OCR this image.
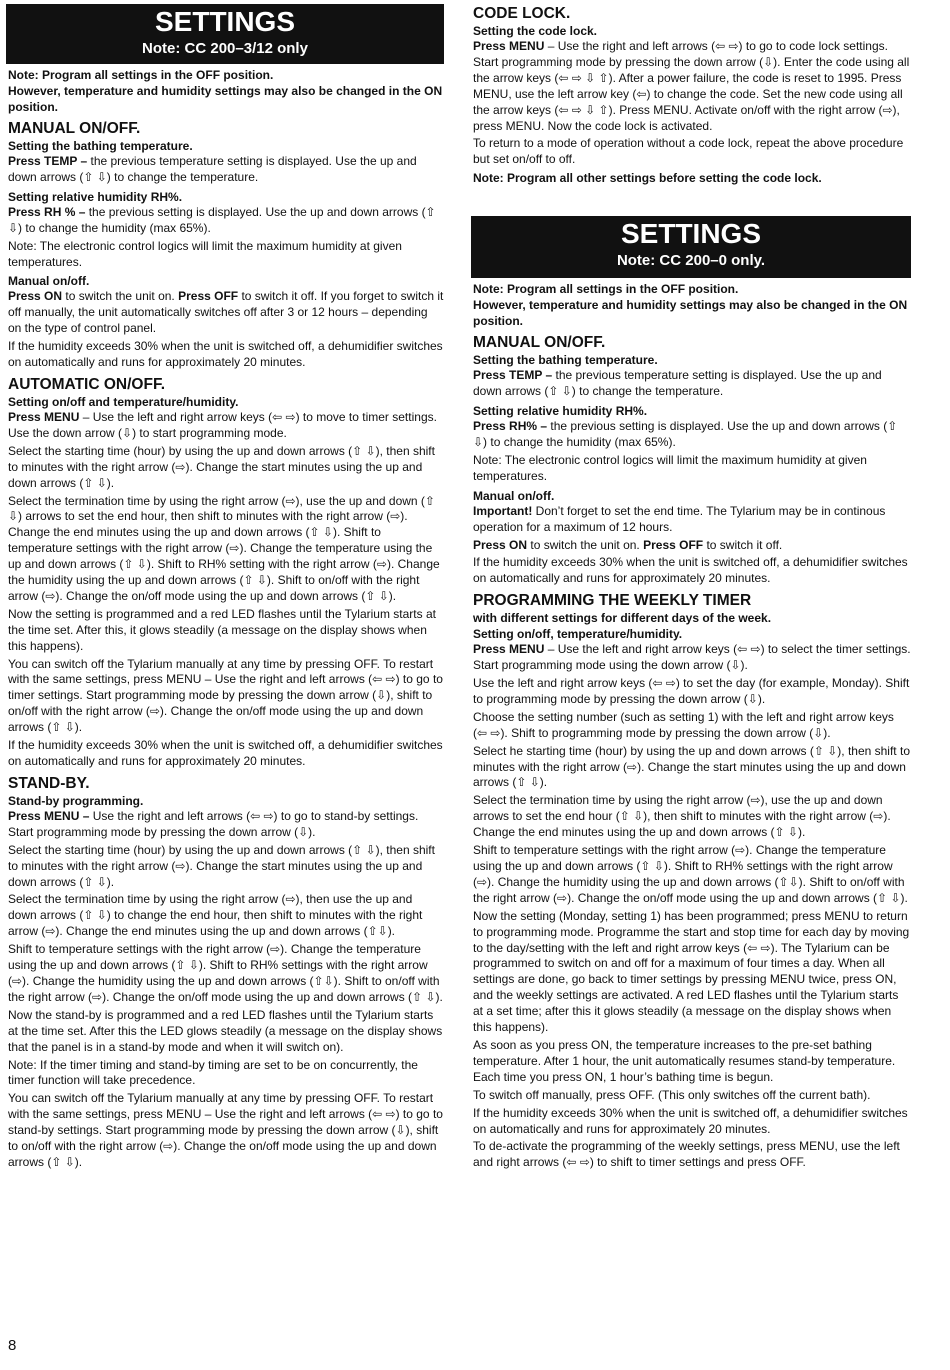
SETTINGS
Note: CC 200–3/12 only
Note: Program all settings in the OFF position.
However, temperature and humidity settings may also be changed in the ON position.
MANUAL ON/OFF.
Setting the bathing temperature.

Press TEMP – the previous temperature setting is displayed. Use the up and down arrows (⇧ ⇩) to change the temperature.

Setting relative humidity RH%.

Press RH % – the previous setting is displayed. Use the up and down arrows (⇧ ⇩) to change the humidity (max 65%).

Note: The electronic control logics will limit the maximum humidity at given temperatures.

Manual on/off.

Press ON to switch the unit on. Press OFF to switch it off. If you forget to switch it off manually, the unit automatically switches off after 3 or 12 hours – depending on the type of control panel.

If the humidity exceeds 30% when the unit is switched off, a dehumidifier switches on automatically and runs for approximately 20 minutes.

AUTOMATIC ON/OFF.
Setting on/off and temperature/humidity.

Press MENU – Use the left and right arrow keys (⇦ ⇨) to move to timer settings. Use the down arrow (⇩) to start programming mode.

Select the starting time (hour) by using the up and down arrows (⇧ ⇩), then shift to minutes with the right arrow (⇨). Change the start minutes using the up and down arrows (⇧ ⇩).

Select the termination time by using the right arrow (⇨), use the up and down (⇧ ⇩) arrows to set the end hour, then shift to minutes with the right arrow (⇨). Change the end minutes using the up and down arrows (⇧ ⇩). Shift to temperature settings with the right arrow (⇨). Change the temperature using the up and down arrows (⇧ ⇩). Shift to RH% setting with the right arrow (⇨). Change the humidity using the up and down arrows (⇧ ⇩). Shift to on/off with the right arrow (⇨). Change the on/off mode using the up and down arrows (⇧ ⇩).

Now the setting is programmed and a red LED flashes until the Tylarium starts at the time set. After this, it glows steadily (a message on the display shows when this happens).

You can switch off the Tylarium manually at any time by pressing OFF. To restart with the same settings, press MENU – Use the right and left arrows (⇦ ⇨) to go to timer settings. Start programming mode by pressing the down arrow (⇩), shift to on/off with the right arrow (⇨). Change the on/off mode using the up and down arrows (⇧ ⇩).

If the humidity exceeds 30% when the unit is switched off, a dehumidifier switches on automatically and runs for approximately 20 minutes.

STAND-BY.
Stand-by programming.

Press MENU – Use the right and left arrows (⇦ ⇨) to go to stand-by settings. Start programming mode by pressing the down arrow (⇩).

Select the starting time (hour) by using the up and down arrows (⇧ ⇩), then shift to minutes with the right arrow (⇨). Change the start minutes using the up and down arrows (⇧ ⇩).

Select the termination time by using the right arrow (⇨), then use the up and down arrows (⇧ ⇩) to change the end hour, then shift to minutes with the right arrow (⇨). Change the end minutes using the up and down arrows (⇧⇩).

Shift to temperature settings with the right arrow (⇨). Change the temperature using the up and down arrows (⇧ ⇩). Shift to RH% settings with the right arrow (⇨). Change the humidity using the up and down arrows (⇧⇩). Shift to on/off with the right arrow (⇨). Change the on/off mode using the up and down arrows (⇧ ⇩).

Now the stand-by is programmed and a red LED flashes until the Tylarium starts at the time set. After this the LED glows steadily (a message on the display shows that the panel is in a stand-by mode and when it will switch on).

Note: If the timer timing and stand-by timing are set to be on concurrently, the timer function will take precedence.

You can switch off the Tylarium manually at any time by pressing OFF. To restart with the same settings, press MENU – Use the right and left arrows (⇦ ⇨) to go to stand-by settings. Start programming mode by pressing the down arrow (⇩), shift to on/off with the right arrow (⇨). Change the on/off mode using the up and down arrows (⇧ ⇩).

CODE LOCK.
Setting the code lock.

Press MENU – Use the right and left arrows (⇦ ⇨) to go to code lock settings. Start programming mode by pressing the down arrow (⇩). Enter the code using all the arrow keys (⇦ ⇨ ⇩ ⇧). After a power failure, the code is reset to 1995. Press MENU, use the left arrow key (⇦) to change the code. Set the new code using all the arrow keys (⇦ ⇨ ⇩ ⇧). Press MENU. Activate on/off with the right arrow (⇨), press MENU. Now the code lock is activated.

To return to a mode of operation without a code lock, repeat the above procedure but set on/off to off.

Note: Program all other settings before setting the code lock.
SETTINGS
Note: CC 200–0 only.
Note: Program all settings in the OFF position.
However, temperature and humidity settings may also be changed in the ON position.
MANUAL ON/OFF.
Setting the bathing temperature.

Press TEMP – the previous temperature setting is displayed. Use the up and down arrows (⇧ ⇩) to change the temperature.

Setting relative humidity RH%.

Press RH% – the previous setting is displayed. Use the up and down arrows (⇧ ⇩) to change the humidity (max 65%).

Note: The electronic control logics will limit the maximum humidity at given temperatures.

Manual on/off.

Important! Don’t forget to set the end time. The Tylarium may be in continous operation for a maximum of 12 hours.

Press ON to switch the unit on. Press OFF to switch it off.

If the humidity exceeds 30% when the unit is switched off, a dehumidifier switches on automatically and runs for approximately 20 minutes.

PROGRAMMING THE WEEKLY TIMER
with different settings for different days of the week.
Setting on/off, temperature/humidity.

Press MENU – Use the left and right arrow keys (⇦ ⇨) to select the timer settings. Start programming mode using the down arrow (⇩).

Use the left and right arrow keys (⇦ ⇨) to set the day (for example, Monday). Shift to programming mode by pressing the down arrow (⇩).

Choose the setting number (such as setting 1) with the left and right arrow keys (⇦ ⇨). Shift to programming mode by pressing the down arrow (⇩).

Select he starting time (hour) by using the up and down arrows (⇧ ⇩), then shift to minutes with the right arrow (⇨). Change the start minutes using the up and down arrows (⇧ ⇩).

Select the termination time by using the right arrow (⇨), use the up and down arrows to set the end hour (⇧ ⇩), then shift to minutes with the right arrow (⇨). Change the end minutes using the up and down arrows (⇧ ⇩).

Shift to temperature settings with the right arrow (⇨). Change the temperature using the up and down arrows (⇧ ⇩). Shift to RH% settings with the right arrow (⇨). Change the humidity using the up and down arrows (⇧⇩). Shift to on/off with the right arrow (⇨). Change the on/off mode using the up and down arrows (⇧ ⇩).

Now the setting (Monday, setting 1) has been programmed; press MENU to return to programming mode. Programme the start and stop time for each day by moving to the day/setting with the left and right arrow keys (⇦ ⇨). The Tylarium can be programmed to switch on and off for a maximum of four times a day. When all settings are done, go back to timer settings by pressing MENU twice, press ON, and the weekly settings are activated. A red LED flashes until the Tylarium starts at a set time; after this it glows steadily (a message on the display shows when this happens).

As soon as you press ON, the temperature increases to the pre-set bathing temperature. After 1 hour, the unit automatically resumes stand-by temperature. Each time you press ON, 1 hour’s bathing time is begun.

To switch off manually, press OFF. (This only switches off the current bath).

If the humidity exceeds 30% when the unit is switched off, a dehumidifier switches on automatically and runs for approximately 20 minutes.

To de-activate the programming of the weekly settings, press MENU, use the left and right arrows (⇦ ⇨) to shift to timer settings and press OFF.

8
